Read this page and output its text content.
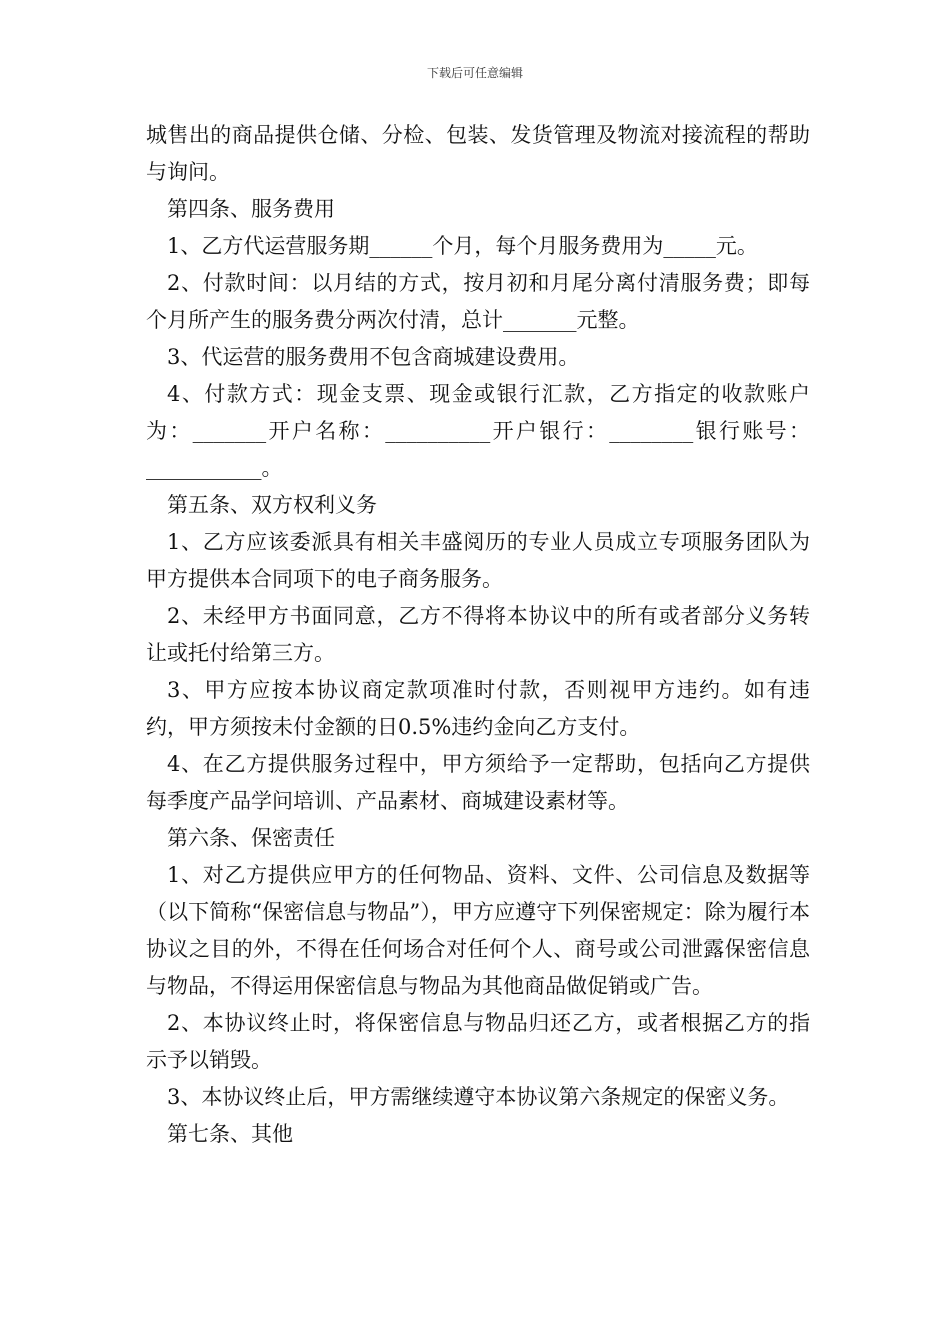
下载后可任意编辑

城售出的商品提供仓储、分检、包装、发货管理及物流对接流程的帮助与询问。

第四条、服务费用

1、乙方代运营服务期______个月，每个月服务费用为_____元。

2、付款时间：以月结的方式，按月初和月尾分离付清服务费；即每个月所产生的服务费分两次付清，总计_______元整。

3、代运营的服务费用不包含商城建设费用。

4、付款方式：现金支票、现金或银行汇款，乙方指定的收款账户为：_______开户名称：__________开户银行：________银行账号：___________。

第五条、双方权利义务

1、乙方应该委派具有相关丰盛阅历的专业人员成立专项服务团队为甲方提供本合同项下的电子商务服务。

2、未经甲方书面同意，乙方不得将本协议中的所有或者部分义务转让或托付给第三方。

3、甲方应按本协议商定款项准时付款，否则视甲方违约。如有违约，甲方须按未付金额的日0.5%违约金向乙方支付。

4、在乙方提供服务过程中，甲方须给予一定帮助，包括向乙方提供每季度产品学问培训、产品素材、商城建设素材等。

第六条、保密责任

1、对乙方提供应甲方的任何物品、资料、文件、公司信息及数据等（以下简称“保密信息与物品”），甲方应遵守下列保密规定：除为履行本协议之目的外，不得在任何场合对任何个人、商号或公司泄露保密信息与物品，不得运用保密信息与物品为其他商品做促销或广告。

2、本协议终止时，将保密信息与物品归还乙方，或者根据乙方的指示予以销毁。

3、本协议终止后，甲方需继续遵守本协议第六条规定的保密义务。

第七条、其他
